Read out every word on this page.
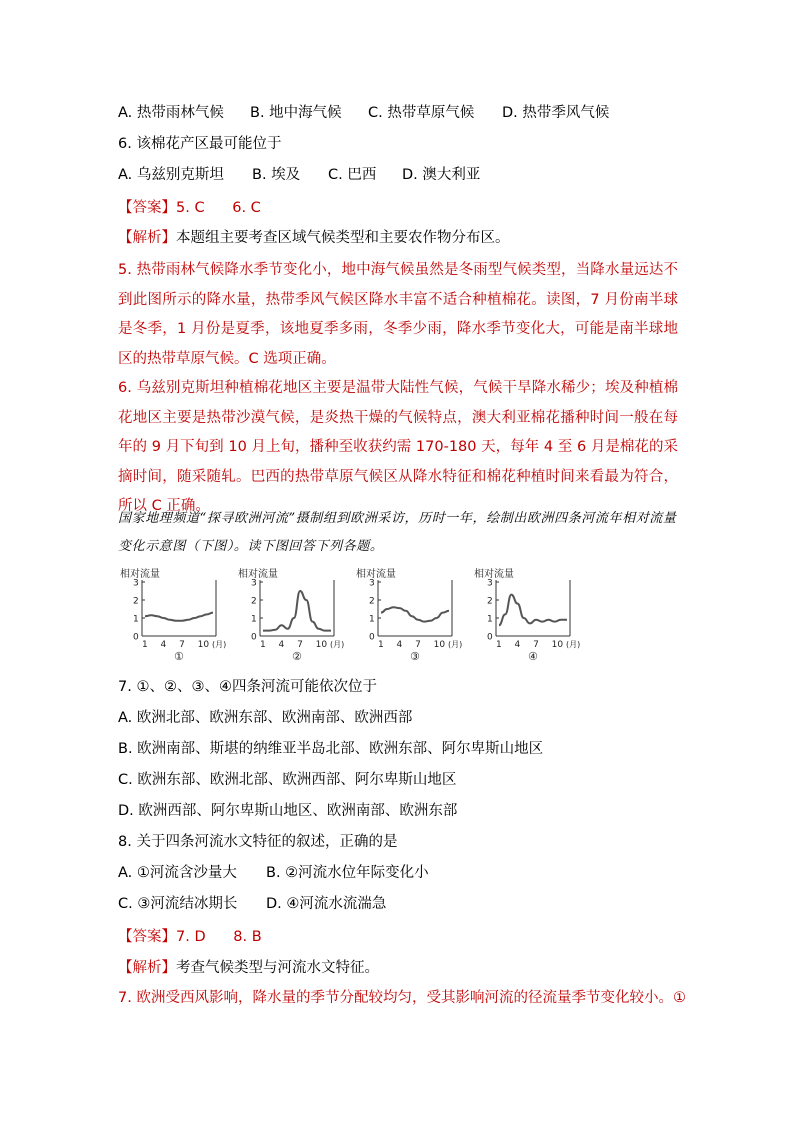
A. 热带雨林气候 B. 地中海气候 C. 热带草原气候 D. 热带季风气候
6. 该棉花产区最可能位于
A. 乌兹别克斯坦 B. 埃及 C. 巴西 D. 澳大利亚
【答案】5. C      6. C
【解析】本题组主要考查区域气候类型和主要农作物分布区。
5. 热带雨林气候降水季节变化小，地中海气候虽然是冬雨型气候类型，当降水量远达不到此图所示的降水量，热带季风气候区降水丰富不适合种植棉花。读图，7 月份南半球是冬季，1 月份是夏季，该地夏季多雨，冬季少雨，降水季节变化大，可能是南半球地区的热带草原气候。C 选项正确。
6. 乌兹别克斯坦种植棉花地区主要是温带大陆性气候，气候干旱降水稀少；埃及种植棉花地区主要是热带沙漠气候，是炎热干燥的气候特点，澳大利亚棉花播种时间一般在每年的 9 月下旬到 10 月上旬，播种至收获约需 170-180 天，每年 4 至 6 月是棉花的采摘时间，随采随轧。巴西的热带草原气候区从降水特征和棉花种植时间来看最为符合，所以 C 正确。
国家地理频道“探寻欧洲河流”摄制组到欧洲采访，历时一年，绘制出欧洲四条河流年相对流量变化示意图（下图）。读下图回答下列各题。
相对流量
3
2
1
0
1 4 7 10 (月)
①
相对流量
3
2
1
0
1 4 7 10 (月)
②
相对流量
3
2
1
0
1 4 7 10 (月)
③
相对流量
3
2
1
0
1 4 7 10 (月)
④
7. ①、②、③、④四条河流可能依次位于
A. 欧洲北部、欧洲东部、欧洲南部、欧洲西部
B. 欧洲南部、斯堪的纳维亚半岛北部、欧洲东部、阿尔卑斯山地区
C. 欧洲东部、欧洲北部、欧洲西部、阿尔卑斯山地区
D. 欧洲西部、阿尔卑斯山地区、欧洲南部、欧洲东部
8. 关于四条河流水文特征的叙述，正确的是
A. ①河流含沙量大 B. ②河流水位年际变化小
C. ③河流结冰期长 D. ④河流水流湍急
【答案】7. D      8. B
【解析】考查气候类型与河流水文特征。
7. 欧洲受西风影响，降水量的季节分配较均匀，受其影响河流的径流量季节变化较小。①
